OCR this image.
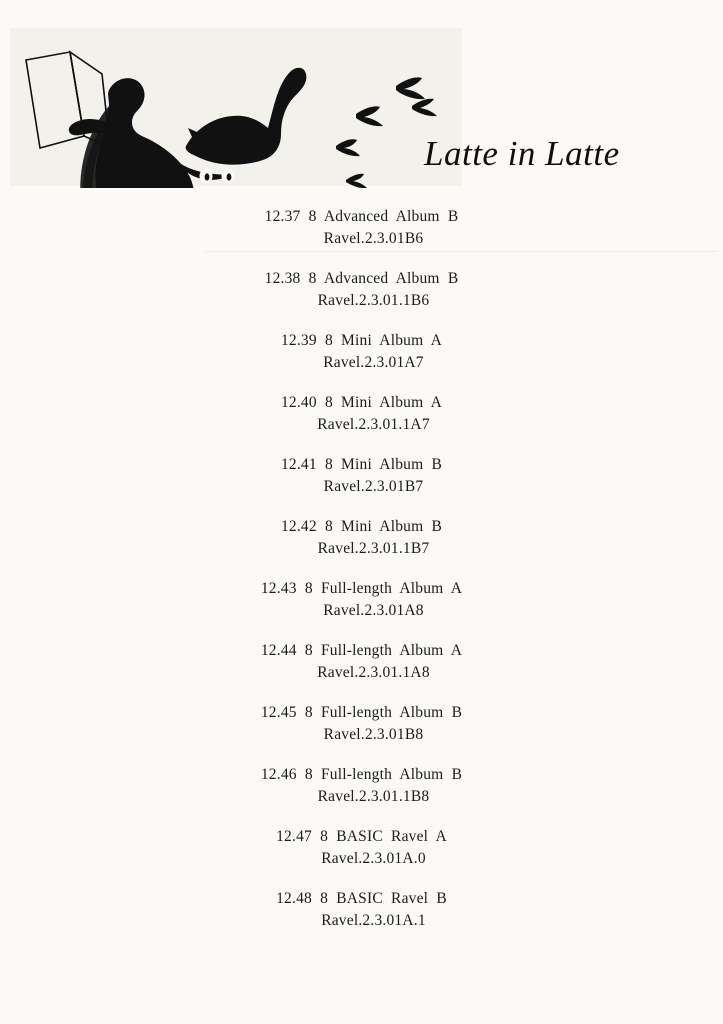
Latte in Latte
12.37  8  Advanced  Album  B
Ravel.2.3.01B6
12.38  8  Advanced  Album  B
Ravel.2.3.01.1B6
12.39  8  Mini  Album  A
Ravel.2.3.01A7
12.40  8  Mini  Album  A
Ravel.2.3.01.1A7
12.41  8  Mini  Album  B
Ravel.2.3.01B7
12.42  8  Mini  Album  B
Ravel.2.3.01.1B7
12.43  8  Full-length  Album  A
Ravel.2.3.01A8
12.44  8  Full-length  Album  A
Ravel.2.3.01.1A8
12.45  8  Full-length  Album  B
Ravel.2.3.01B8
12.46  8  Full-length  Album  B
Ravel.2.3.01.1B8
12.47  8  BASIC  Ravel  A
Ravel.2.3.01A.0
12.48  8  BASIC  Ravel  B
Ravel.2.3.01A.1
